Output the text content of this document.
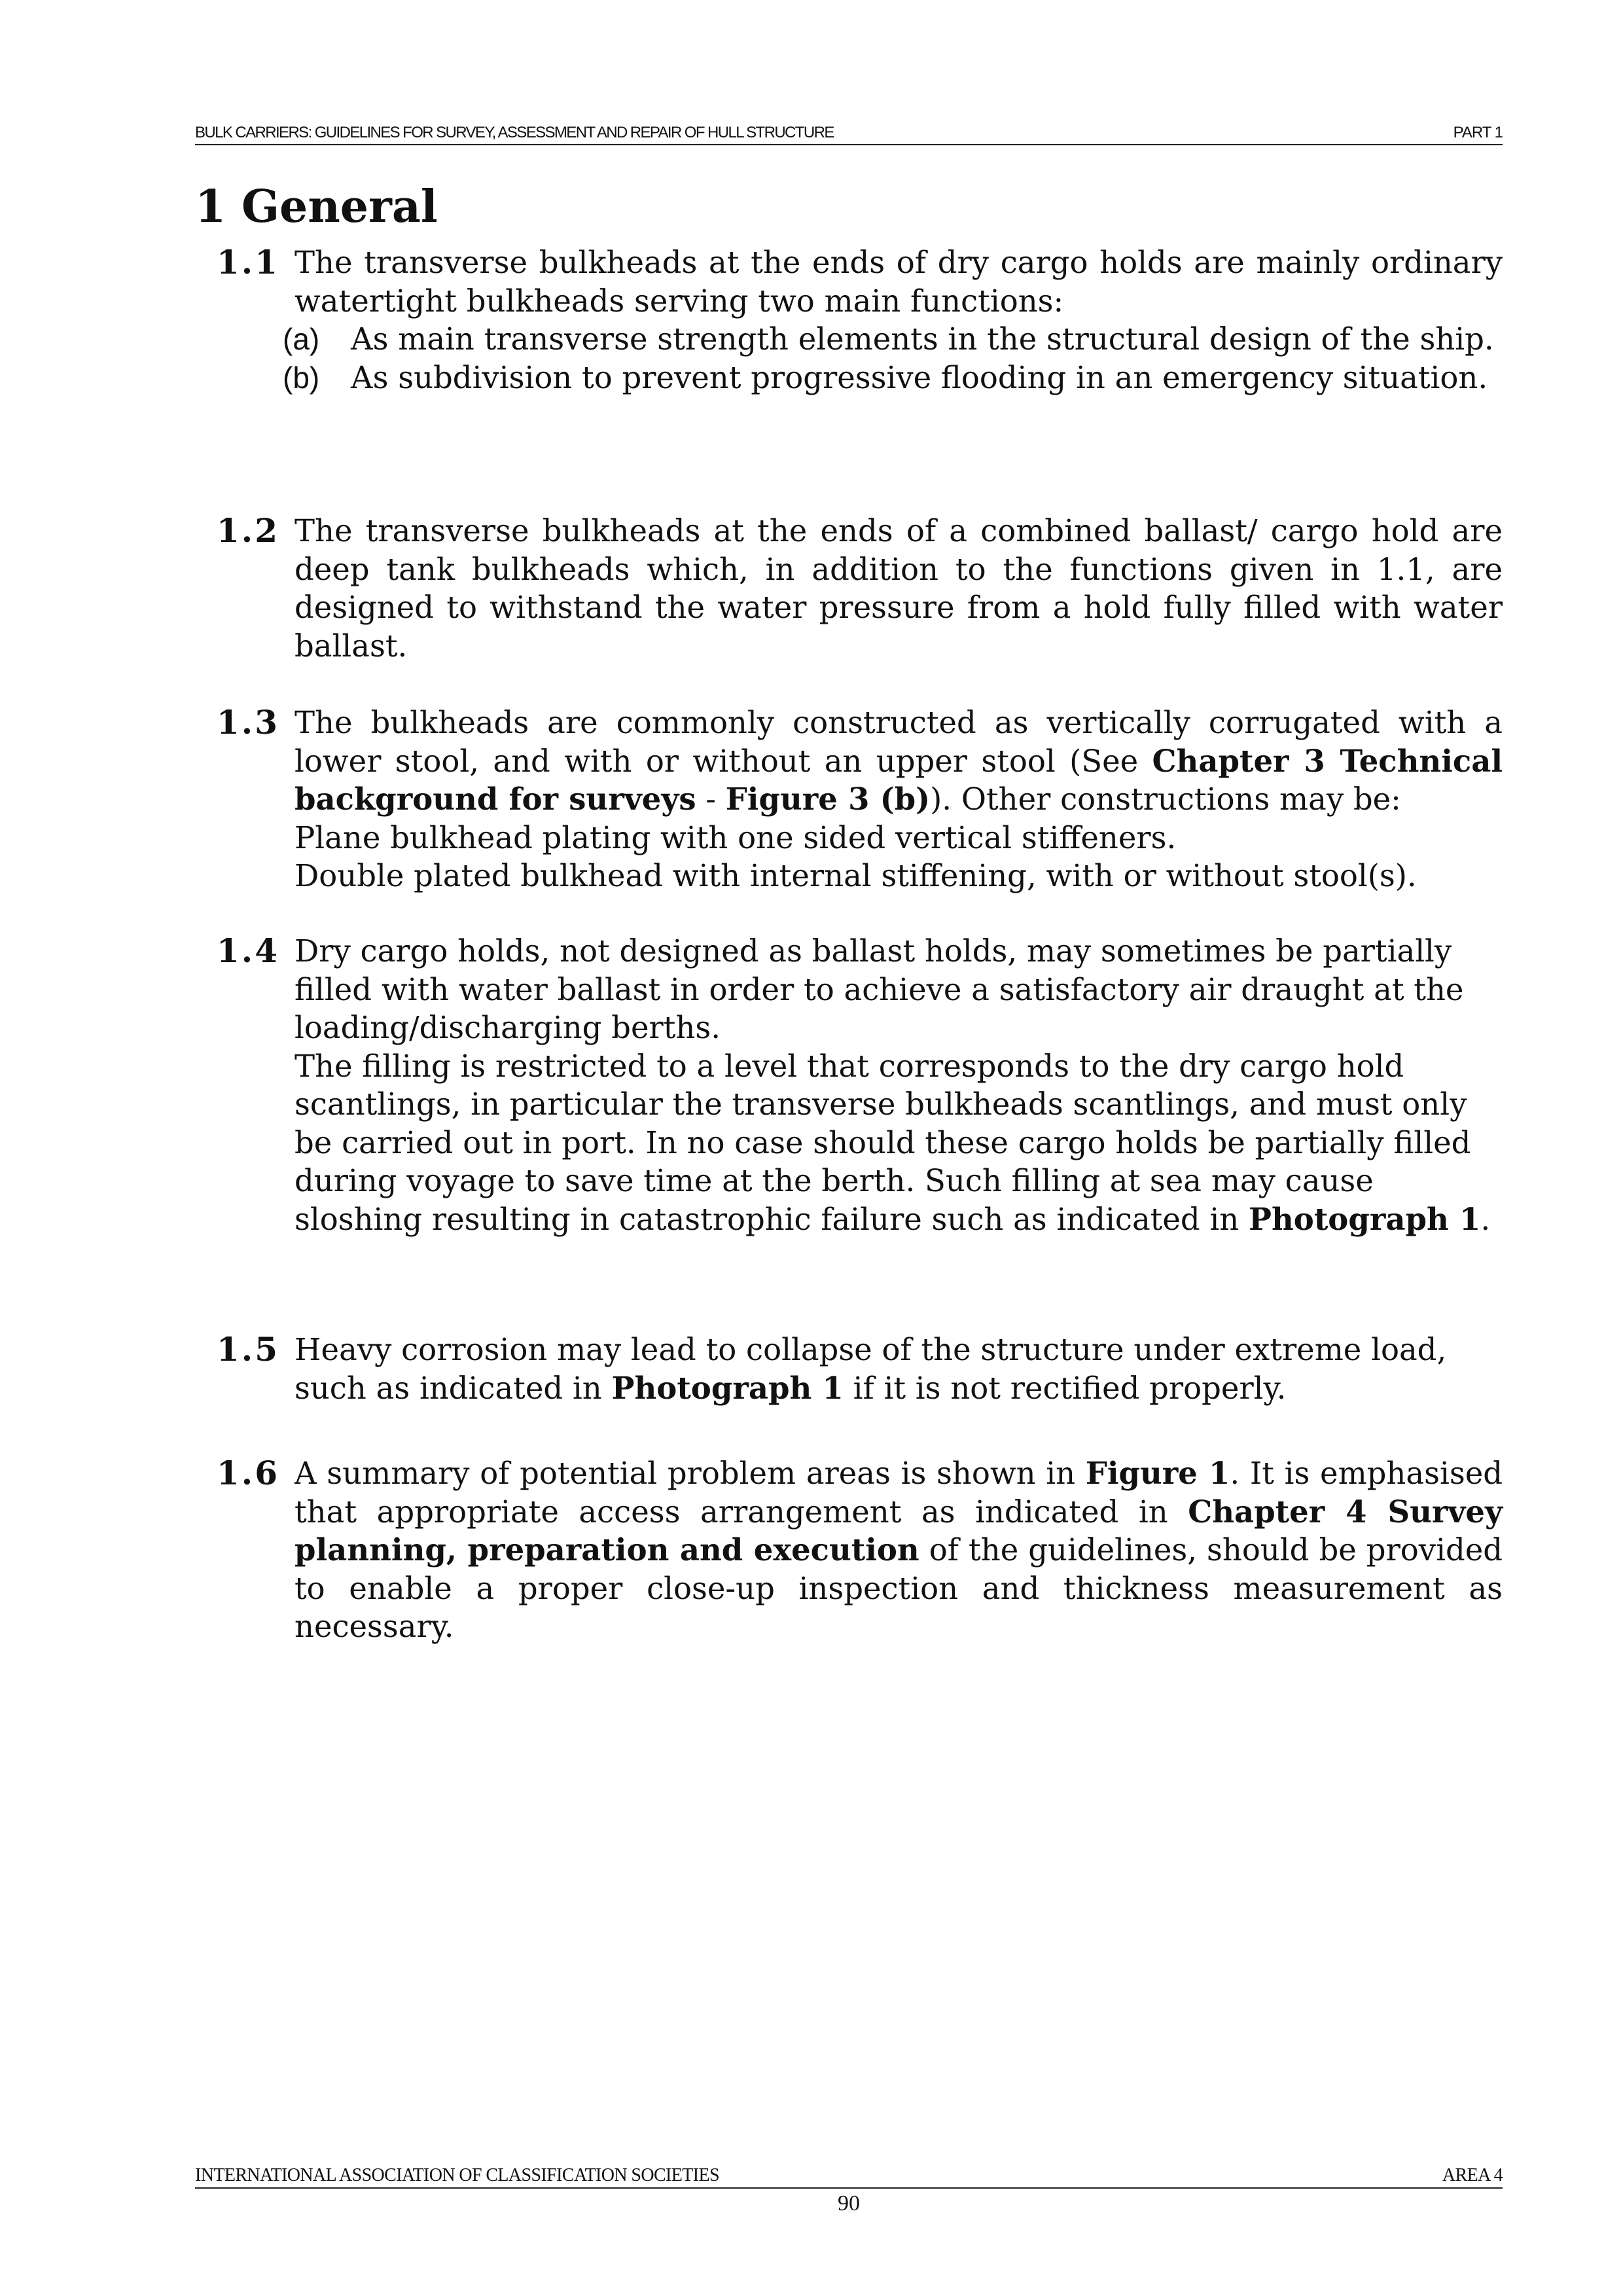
BULK CARRIERS: GUIDELINES FOR SURVEY, ASSESSMENT AND REPAIR OF HULL STRUCTURE	PART 1
1 General
1.1 The transverse bulkheads at the ends of dry cargo holds are mainly ordinary watertight bulkheads serving two main functions:

(a) As main transverse strength elements in the structural design of the ship.
(b) As subdivision to prevent progressive flooding in an emergency situation.
1.2 The transverse bulkheads at the ends of a combined ballast/ cargo hold are deep tank bulkheads which, in addition to the functions given in 1.1, are designed to withstand the water pressure from a hold fully filled with water ballast.

1.3 The bulkheads are commonly constructed as vertically corrugated with a lower stool, and with or without an upper stool (See Chapter 3 Technical background for surveys - Figure 3 (b)). Other constructions may be:

Plane bulkhead plating with one sided vertical stiffeners.

Double plated bulkhead with internal stiffening, with or without stool(s).

1.4 Dry cargo holds, not designed as ballast holds, may sometimes be partially filled with water ballast in order to achieve a satisfactory air draught at the loading/discharging berths.

The filling is restricted to a level that corresponds to the dry cargo hold scantlings, in particular the transverse bulkheads scantlings, and must only be carried out in port. In no case should these cargo holds be partially filled during voyage to save time at the berth. Such filling at sea may cause sloshing resulting in catastrophic failure such as indicated in Photograph 1.

1.5 Heavy corrosion may lead to collapse of the structure under extreme load, such as indicated in Photograph 1 if it is not rectified properly.

1.6 A summary of potential problem areas is shown in Figure 1. It is emphasised that appropriate access arrangement as indicated in Chapter 4 Survey planning, preparation and execution of the guidelines, should be provided to enable a proper close-up inspection and thickness measurement as necessary.

INTERNATIONAL ASSOCIATION OF CLASSIFICATION SOCIETIES	AREA 4
90
